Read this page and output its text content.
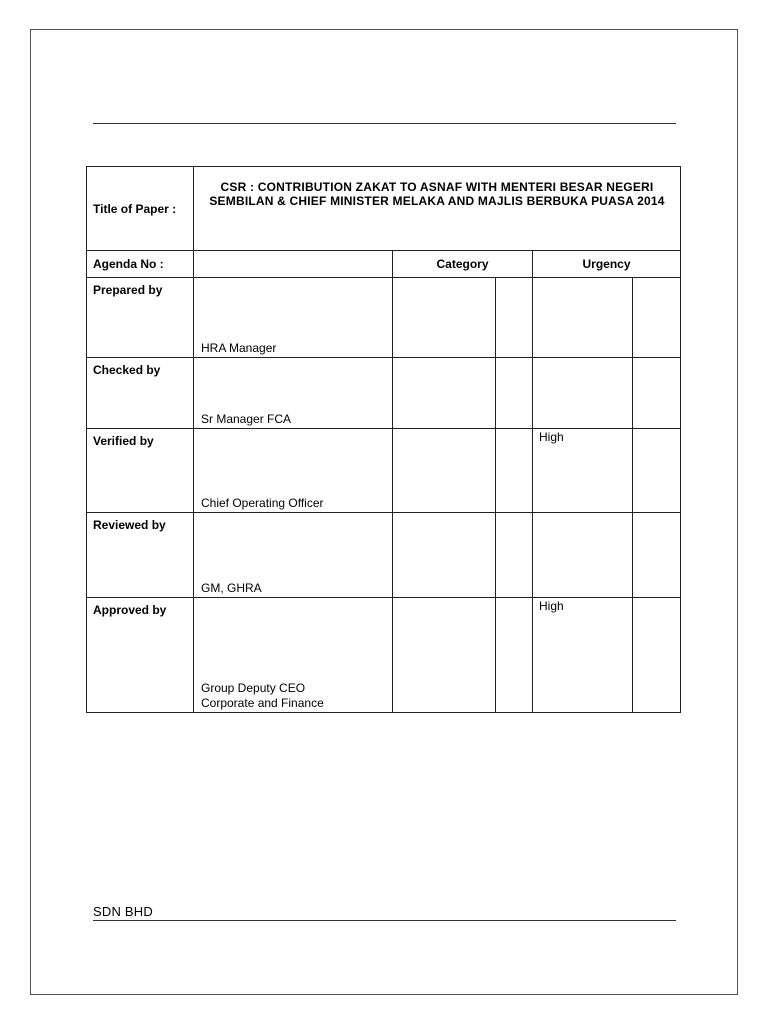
Title of Paper :	CSR : CONTRIBUTION ZAKAT TO ASNAF WITH MENTERI BESAR NEGERI SEMBILAN & CHIEF MINISTER MELAKA AND MAJLIS BERBUKA PUASA 2014				
Agenda No :		Category		Urgency	
Prepared by	HRA Manager				

Checked by	Sr Manager FCA				

Verified by	Chief Operating Officer			High	
Reviewed by	GM, GHRA				

Approved by	Group Deputy CEO
Corporate and Finance			High	
SDN BHD
